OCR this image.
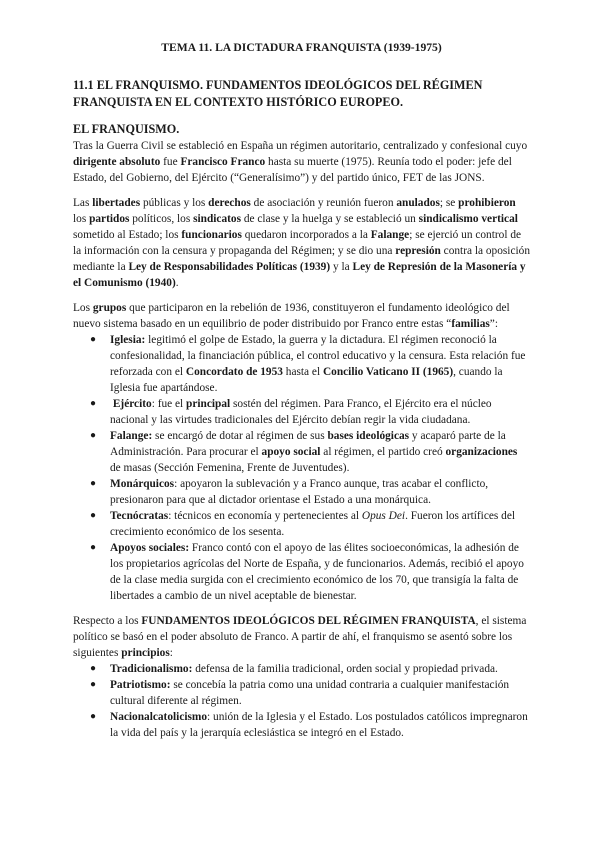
TEMA 11. LA DICTADURA FRANQUISTA (1939-1975)
11.1 EL FRANQUISMO. FUNDAMENTOS IDEOLÓGICOS DEL RÉGIMEN FRANQUISTA EN EL CONTEXTO HISTÓRICO EUROPEO.
EL FRANQUISMO.

Tras la Guerra Civil se estableció en España un régimen autoritario, centralizado y confesional cuyo dirigente absoluto fue Francisco Franco hasta su muerte (1975). Reunía todo el poder: jefe del Estado, del Gobierno, del Ejército (“Generalísimo”) y del partido único, FET de las JONS.

Las libertades públicas y los derechos de asociación y reunión fueron anulados; se prohibieron los partidos políticos, los sindicatos de clase y la huelga y se estableció un sindicalismo vertical sometido al Estado; los funcionarios quedaron incorporados a la Falange; se ejerció un control de la información con la censura y propaganda del Régimen; y se dio una represión contra la oposición mediante la Ley de Responsabilidades Políticas (1939) y la Ley de Represión de la Masonería y el Comunismo (1940).

Los grupos que participaron en la rebelión de 1936, constituyeron el fundamento ideológico del nuevo sistema basado en un equilibrio de poder distribuido por Franco entre estas “familias”:

● Iglesia: legitimó el golpe de Estado, la guerra y la dictadura. El régimen reconoció la confesionalidad, la financiación pública, el control educativo y la censura. Esta relación fue reforzada con el Concordato de 1953 hasta el Concilio Vaticano II (1965), cuando la Iglesia fue apartándose.
● Ejército: fue el principal sostén del régimen. Para Franco, el Ejército era el núcleo nacional y las virtudes tradicionales del Ejército debían regir la vida ciudadana.
● Falange: se encargó de dotar al régimen de sus bases ideológicas y acaparó parte de la Administración. Para procurar el apoyo social al régimen, el partido creó organizaciones de masas (Sección Femenina, Frente de Juventudes).
● Monárquicos: apoyaron la sublevación y a Franco aunque, tras acabar el conflicto, presionaron para que al dictador orientase el Estado a una monárquica.
● Tecnócratas: técnicos en economía y pertenecientes al Opus Dei. Fueron los artífices del crecimiento económico de los sesenta.
● Apoyos sociales: Franco contó con el apoyo de las élites socioeconómicas, la adhesión de los propietarios agrícolas del Norte de España, y de funcionarios. Además, recibió el apoyo de la clase media surgida con el crecimiento económico de los 70, que transigía la falta de libertades a cambio de un nivel aceptable de bienestar.

Respecto a los FUNDAMENTOS IDEOLÓGICOS DEL RÉGIMEN FRANQUISTA, el sistema político se basó en el poder absoluto de Franco. A partir de ahí, el franquismo se asentó sobre los siguientes principios:

● Tradicionalismo: defensa de la familia tradicional, orden social y propiedad privada.
● Patriotismo: se concebía la patria como una unidad contraria a cualquier manifestación cultural diferente al régimen.
● Nacionalcatolicismo: unión de la Iglesia y el Estado. Los postulados católicos impregnaron la vida del país y la jerarquía eclesiástica se integró en el Estado.
